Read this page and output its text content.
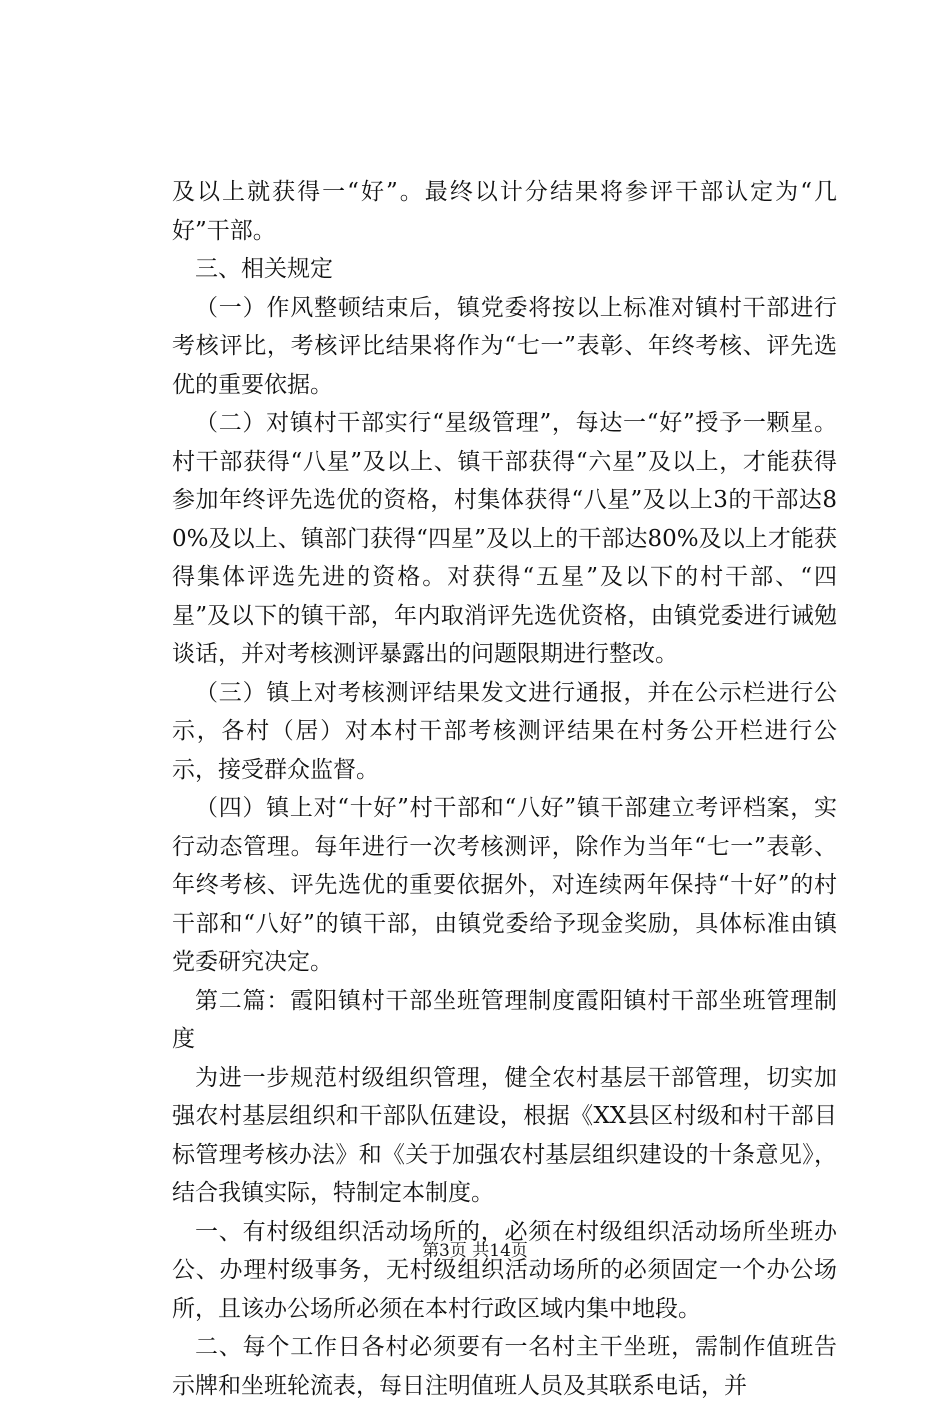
及以上就获得一“好”。最终以计分结果将参评干部认定为“几好”干部。

三、相关规定

（一）作风整顿结束后，镇党委将按以上标准对镇村干部进行考核评比，考核评比结果将作为“七一”表彰、年终考核、评先选优的重要依据。

（二）对镇村干部实行“星级管理”，每达一“好”授予一颗星。村干部获得“八星”及以上、镇干部获得“六星”及以上，才能获得参加年终评先选优的资格，村集体获得“八星”及以上3的干部达80%及以上、镇部门获得“四星”及以上的干部达80%及以上才能获得集体评选先进的资格。对获得“五星”及以下的村干部、“四星”及以下的镇干部，年内取消评先选优资格，由镇党委进行诫勉谈话，并对考核测评暴露出的问题限期进行整改。

（三）镇上对考核测评结果发文进行通报，并在公示栏进行公示，各村（居）对本村干部考核测评结果在村务公开栏进行公示，接受群众监督。

（四）镇上对“十好”村干部和“八好”镇干部建立考评档案，实行动态管理。每年进行一次考核测评，除作为当年“七一”表彰、年终考核、评先选优的重要依据外，对连续两年保持“十好”的村干部和“八好”的镇干部，由镇党委给予现金奖励，具体标准由镇党委研究决定。

第二篇：霞阳镇村干部坐班管理制度霞阳镇村干部坐班管理制度

为进一步规范村级组织管理，健全农村基层干部管理，切实加强农村基层组织和干部队伍建设，根据《XX县区村级和村干部目标管理考核办法》和《关于加强农村基层组织建设的十条意见》，结合我镇实际，特制定本制度。

一、有村级组织活动场所的，必须在村级组织活动场所坐班办公、办理村级事务，无村级组织活动场所的必须固定一个办公场所，且该办公场所必须在本村行政区域内集中地段。

二、每个工作日各村必须要有一名村主干坐班，需制作值班告示牌和坐班轮流表，每日注明值班人员及其联系电话，并

第3页 共14页
